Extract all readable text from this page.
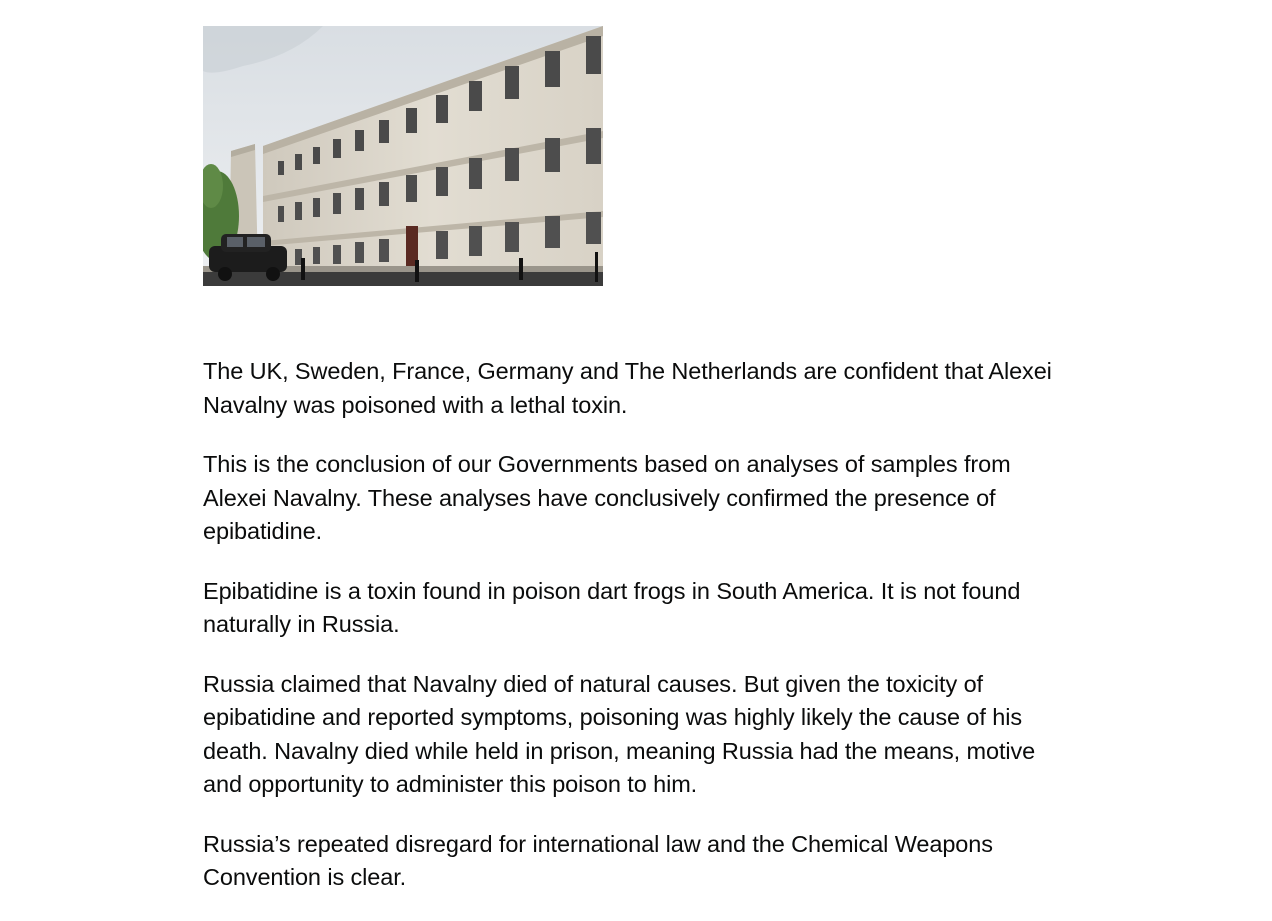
The UK, Sweden, France, Germany and The Netherlands are confident that Alexei Navalny was poisoned with a lethal toxin.

This is the conclusion of our Governments based on analyses of samples from Alexei Navalny. These analyses have conclusively confirmed the presence of epibatidine.

Epibatidine is a toxin found in poison dart frogs in South America. It is not found naturally in Russia.

Russia claimed that Navalny died of natural causes. But given the toxicity of epibatidine and reported symptoms, poisoning was highly likely the cause of his death. Navalny died while held in prison, meaning Russia had the means, motive and opportunity to administer this poison to him.

Russia’s repeated disregard for international law and the Chemical Weapons Convention is clear.
